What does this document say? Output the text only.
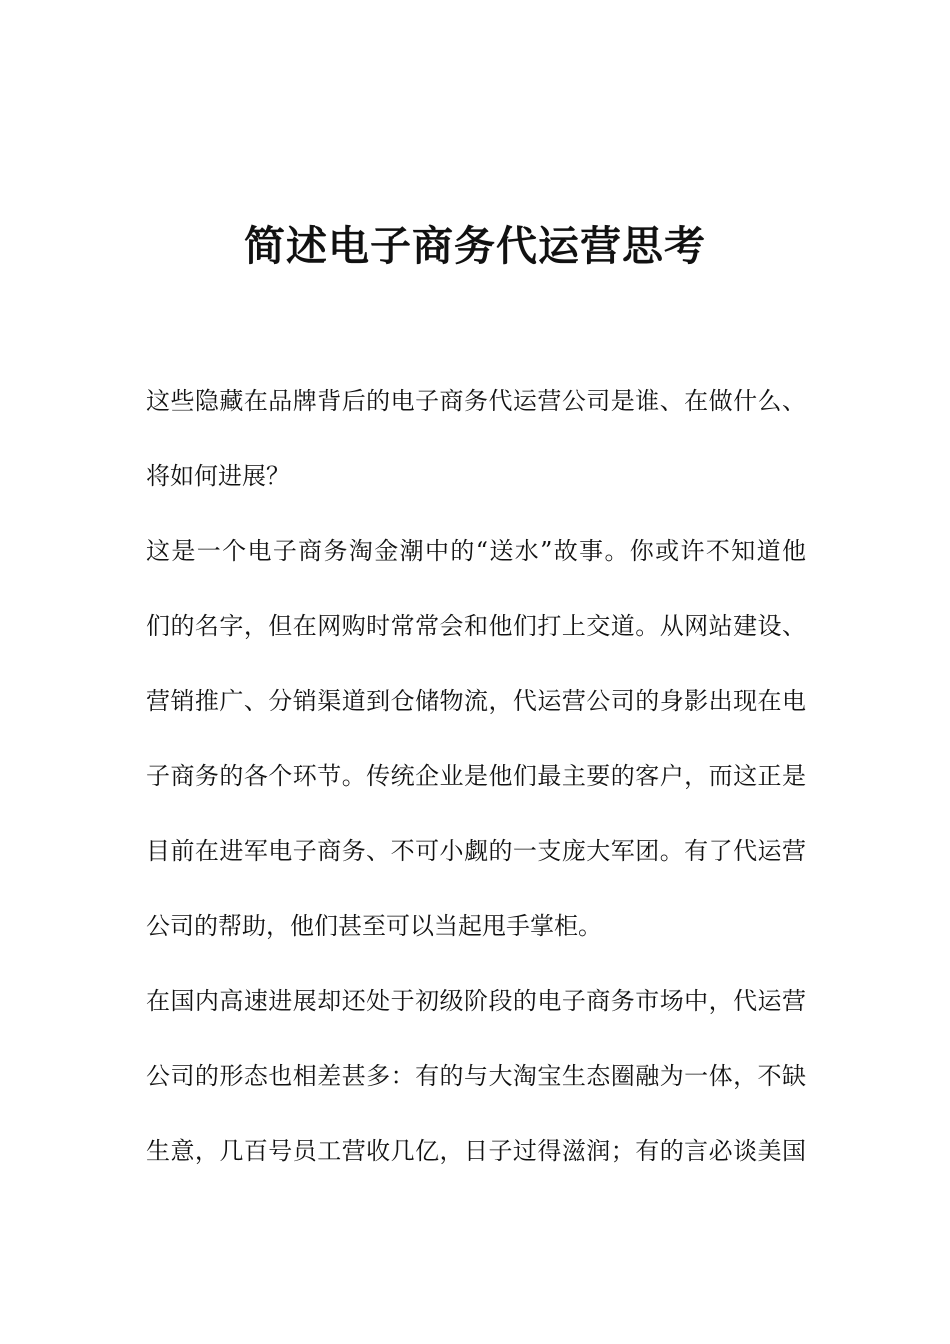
简述电子商务代运营思考
这些隐藏在品牌背后的电子商务代运营公司是谁、在做什么、
将如何进展？
这是一个电子商务淘金潮中的“送水”故事。你或许不知道他
们的名字，但在网购时常常会和他们打上交道。从网站建设、
营销推广、分销渠道到仓储物流，代运营公司的身影出现在电
子商务的各个环节。传统企业是他们最主要的客户，而这正是
目前在进军电子商务、不可小觑的一支庞大军团。有了代运营
公司的帮助，他们甚至可以当起甩手掌柜。
在国内高速进展却还处于初级阶段的电子商务市场中，代运营
公司的形态也相差甚多：有的与大淘宝生态圈融为一体，不缺
生意，几百号员工营收几亿，日子过得滋润；有的言必谈美国
